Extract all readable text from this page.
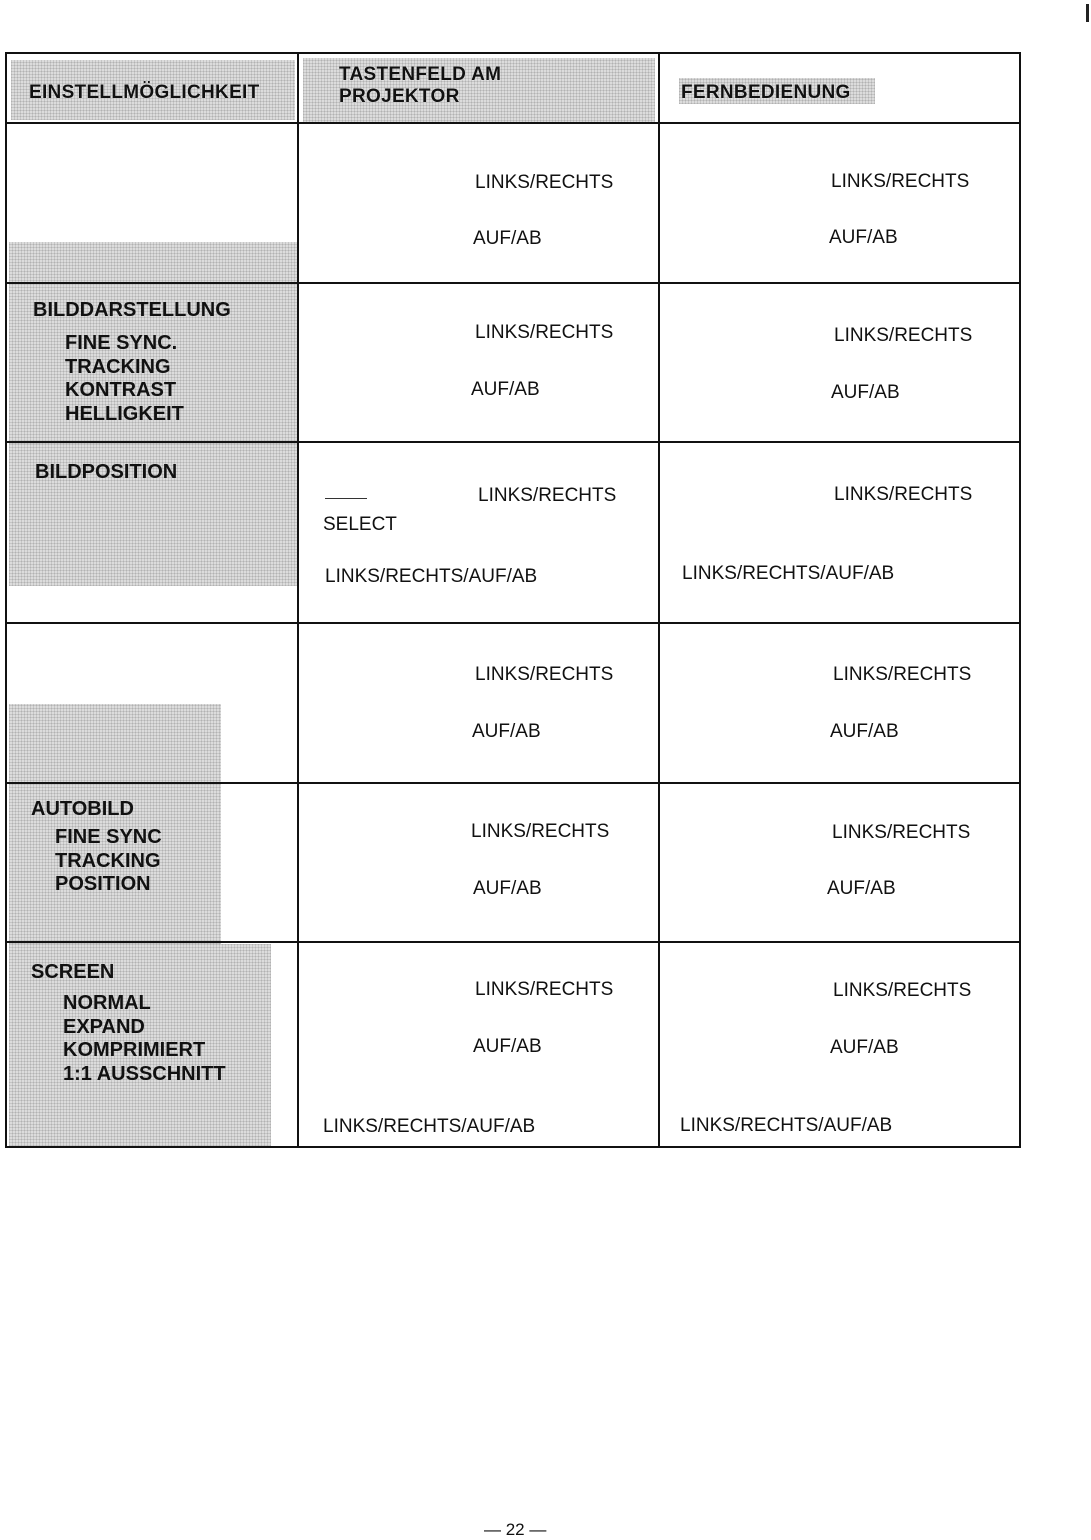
EINSTELLMÖGLICHKEIT
TASTENFELD AM
PROJEKTOR	FERNBEDIENUNG
LINKS/RECHTS
AUF/AB
LINKS/RECHTS
AUF/AB
BILDDARSTELLUNG
FINE SYNC.
TRACKING
KONTRAST
HELLIGKEIT
LINKS/RECHTS
AUF/AB
LINKS/RECHTS
AUF/AB
BILDPOSITION
LINKS/RECHTS
SELECT
LINKS/RECHTS/AUF/AB
LINKS/RECHTS
LINKS/RECHTS/AUF/AB
LINKS/RECHTS
AUF/AB
LINKS/RECHTS
AUF/AB
AUTOBILD
FINE SYNC
TRACKING
POSITION
LINKS/RECHTS
AUF/AB
LINKS/RECHTS
AUF/AB
SCREEN
NORMAL
EXPAND
KOMPRIMIERT
1:1 AUSSCHNITT
LINKS/RECHTS
AUF/AB
LINKS/RECHTS/AUF/AB
LINKS/RECHTS
AUF/AB
LINKS/RECHTS/AUF/AB
— 22 —
